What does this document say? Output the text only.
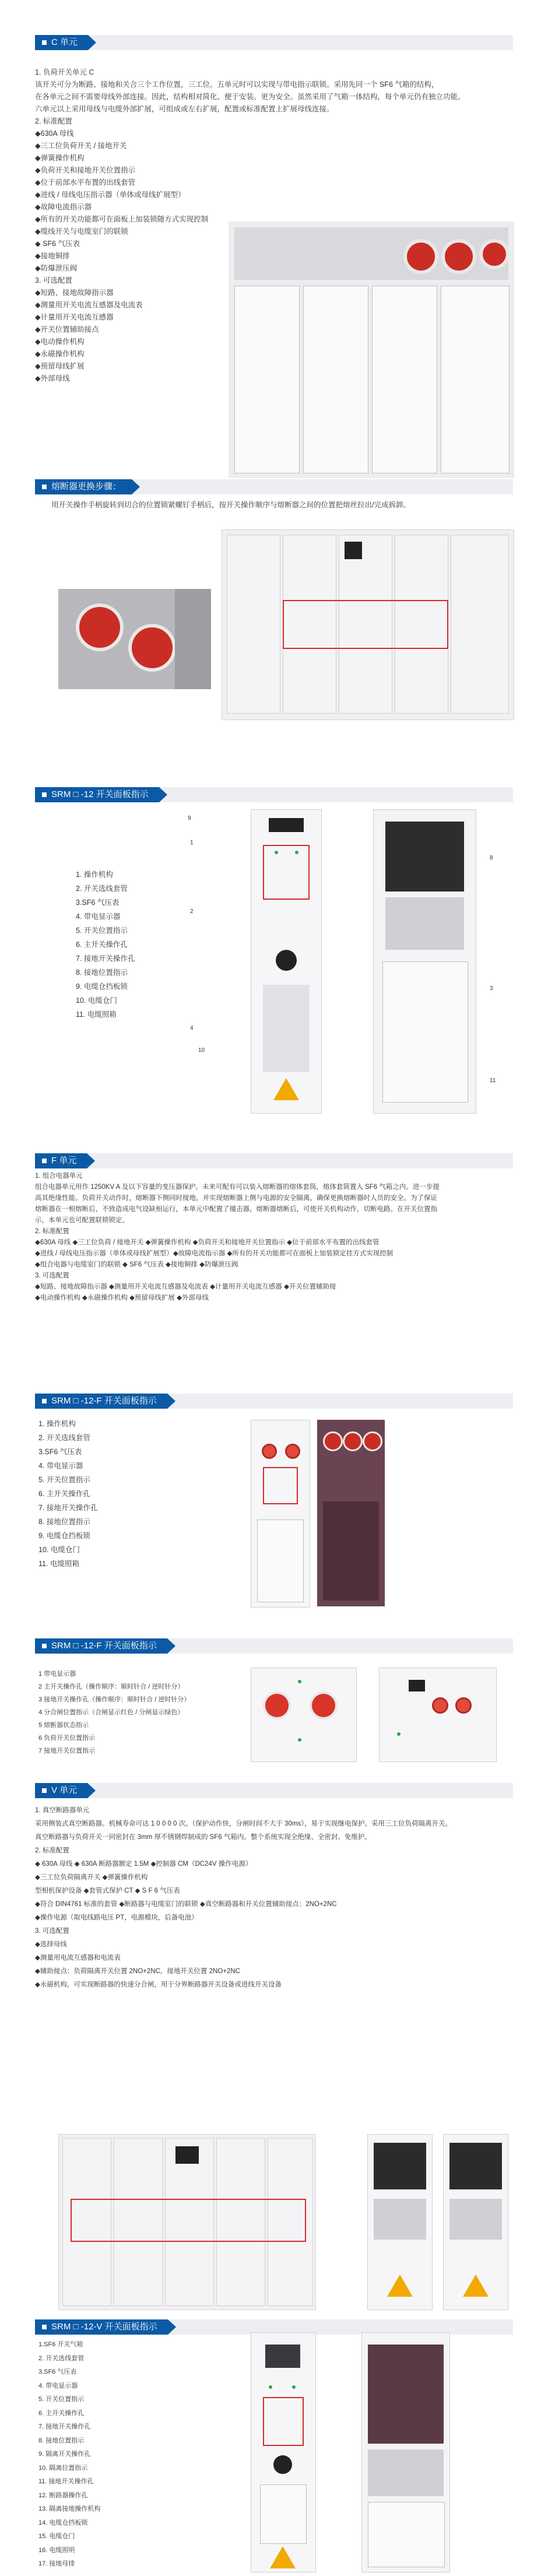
C 单元
1. 负荷开关单元 C
该开关可分为断路、接地和关合三个工作位置，三工位。五单元时可以实现与带电指示联锁。采用先同一个 SF6 气箱的结构，
在各单元之间不需要母线外部连接。因此，结构相对简化、便于安装。更为安全。虽然采用了气箱一体结构，每个单元仍有独立功能。
六单元以上采用母线与电缆外部扩展，可组成或左右扩展，配置或标准配置上扩展母线连接。
2. 标准配置
◆630A 母线
◆三工位负荷开关 / 接地开关
◆弹簧操作机构
◆负荷开关和接地开关位置指示
◆位于前部水平布置的出线套管
◆进线 / 母线电压指示器（单体或母线扩展型）
◆故障电流指示器
◆所有的开关功能都可在面板上加装锁随方式实现控制
◆缆线开关与电缆室门的联锁
◆ SF6 气压表
◆接地铜排
◆防爆泄压阀
3. 可选配置
◆短路、接地故障指示器
◆测量用开关电流互感器及电流表
◆计量用开关电流互感器
◆开关位置辅助接点
◆电动操作机构
◆永磁操作机构
◆预留母线扩展
◆外部母线
熔断器更换步骤：
用开关操作手柄旋转到切合的位置锁紧螺钉手柄后，按开关操作顺序与熔断器之间的位置把熔丝拉出/完成拆卸。
SRM □ -12 开关面板指示
1. 操作机构
2. 开关选线套管
3.SF6 气压表
4. 带电显示器
5. 开关位置指示
6. 主开关操作孔
7. 接地开关操作孔
8. 接地位置指示
9. 电缆仓挡板锁
10. 电缆仓门
11. 电缆照箱
9
1
2
4
8
10
3
11
F 单元
1. 组合电器单元
组合电器单元用作 1250KV A 及以下容量的变压器保护。未来可配有可以装入熔断器的熔体套筒，熔体套筒置入 SF6 气箱之内。进一步提
高其绝缘性能。负荷开关动作时，熔断器下侧同时接地，并实现熔断器上侧与电源的安全隔离，确保更换熔断器时人员的安全。为了保证
熔断器在一相熔断后，不致造成电气设缺相运行，本单元中配置了撞击器，熔断器熔断后，可使开关机构动作，切断电路。在开关位置指
示，本单元也可配置联锁锁定。
2. 标准配置
◆630A 母线 ◆三工位负荷 / 接地开关 ◆弹簧操作机构 ◆负荷开关和接地开关位置指示 ◆位于前部水平布置的出线套管
◆进线 / 母线电压指示器（单体或母线扩展型）◆故障电流指示器 ◆所有的开关功能都可在面板上加装锁定挂方式实现控制
◆组合电器与电缆室门的联锁 ◆ SF6 气压表 ◆接地铜排 ◆防爆泄压阀
3. 可选配置
◆短路、接地故障指示器 ◆测量用开关电流互感器及电流表 ◆计量用开关电流互感器 ◆开关位置辅助接
◆电动操作机构 ◆永磁操作机构 ◆预留母线扩展 ◆外部母线
SRM □ -12-F 开关面板指示
1. 操作机构
2. 开关选线套管
3.SF6 气压表
4. 带电显示器
5. 开关位置指示
6. 主开关操作孔
7. 接地开关操作孔
8. 接地位置指示
9. 电缆仓挡板锁
10. 电缆仓门
11. 电缆照箱
SRM □ -12-F 开关面板指示
1 带电显示器
2 主开关操作孔（操作顺序：顺时针合 / 逆时针分）
3 接地开关操作孔（操作顺序：顺时针合 / 逆时针分）
4 分合闸位置指示（合闸显示红色 / 分闸显示绿色）
5 熔断器状态指示
6 负荷开关位置指示
7 接地开关位置指示
V 单元
1. 真空断路器单元
采用侧装式真空断路器。机械寿命可达 1 0 0 0 0 次。（保护动作快，分闸时间不大于 30ms），易于实现继电保护。采用三工位负荷隔离开关。
真空断路器与负荷开关一同密封在 3mm 厚不锈钢焊制成的 SF6 气箱内。整个系统实现全绝缘、全密封、免维护。
2. 标准配置
◆ 630A 母线 ◆ 630A 断路器额定 1.5M ◆控制器 CM（DC24V 操作电源）
◆三工位负荷隔离开关 ◆弹簧操作机构
型相机保护设备 ◆套管式保护 CT ◆ S F 6 气压表
◆符合 DIN4761 标准的套管 ◆断路器与电缆室门的联锁 ◆真空断路器和开关位置辅助接点：2NO+2NC
◆操作电源（取电线路电压 PT，电源模块，后备电池）
3. 可选配置
◆选择母线
◆测量用电流互感器和电流表
◆辅助接点：负荷隔离开关位置 2NO+2NC，接地开关位置 2NO+2NC
◆永磁机构，可实现断路器的快速分合闸，用于分界断路器开关设备或进线开关设备
SRM □ -12-V 开关面板指示
1.SF6 开关气箱
2. 开关选线套管
3.SF6 气压表
4. 带电显示器
5. 开关位置指示
6. 主开关操作孔
7. 接地开关操作孔
8. 接地位置指示
9. 隔离开关操作孔
10. 隔离位置指示
11. 接地开关操作孔
12. 断路器操作孔
13. 隔离接地操作机构
14. 电缆仓挡板锁
15. 电缆仓门
16. 电缆照明
17. 接地母排
